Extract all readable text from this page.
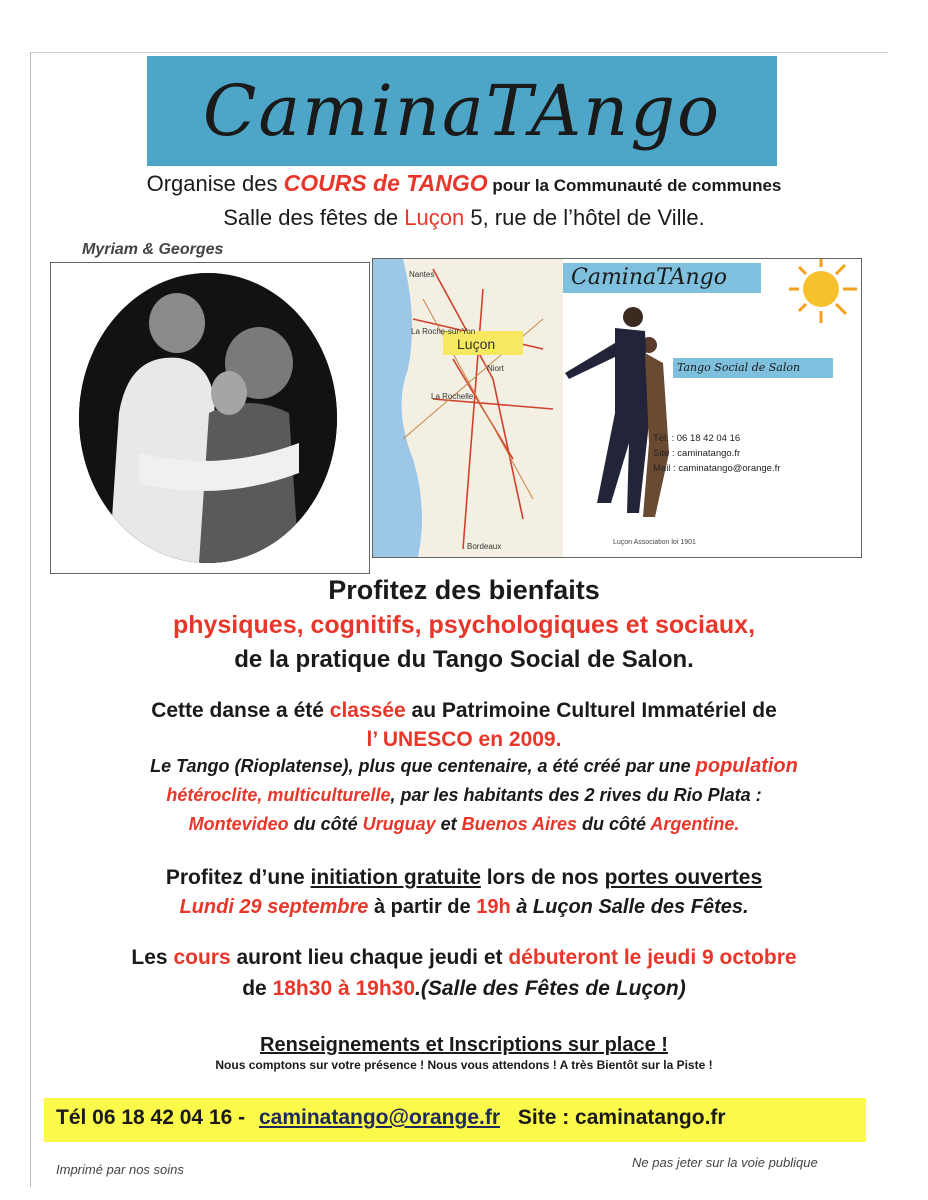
CaminaTAngo
Organise des COURS de TANGO pour la Communauté de communes
Salle des fêtes de Luçon 5, rue de l’hôtel de Ville.
Myriam & Georges
Nantes
La Roche-sur-Yon
Luçon
Niort
La Rochelle
Bordeaux
CaminaTAngo
Tango Social de Salon
Tél. : 06 18 42 04 16
Site : caminatango.fr
Mail : caminatango@orange.fr
Luçon Association loi 1901
Profitez des bienfaits
physiques, cognitifs, psychologiques et sociaux,
de la pratique du Tango Social de Salon.
Cette danse a été classée au Patrimoine Culturel Immatériel de
l’ UNESCO en 2009.
Le Tango (Rioplatense), plus que centenaire, a été créé par une population
hétéroclite, multiculturelle, par les habitants des 2 rives du Rio Plata :
Montevideo du côté Uruguay et Buenos Aires du côté Argentine.
Profitez d’une initiation gratuite lors de nos portes ouvertes
Lundi 29 septembre à partir de 19h à Luçon Salle des Fêtes.
Les cours auront lieu chaque jeudi et débuteront le jeudi 9 octobre
de 18h30 à 19h30.(Salle des Fêtes de Luçon)
Renseignements et Inscriptions sur place !
Nous comptons sur votre présence ! Nous vous attendons ! A très Bientôt sur la Piste !
Tél 06 18 42 04 16 - caminatango@orange.fr Site : caminatango.fr
Imprimé par nos soins	Ne pas jeter sur la voie publique
